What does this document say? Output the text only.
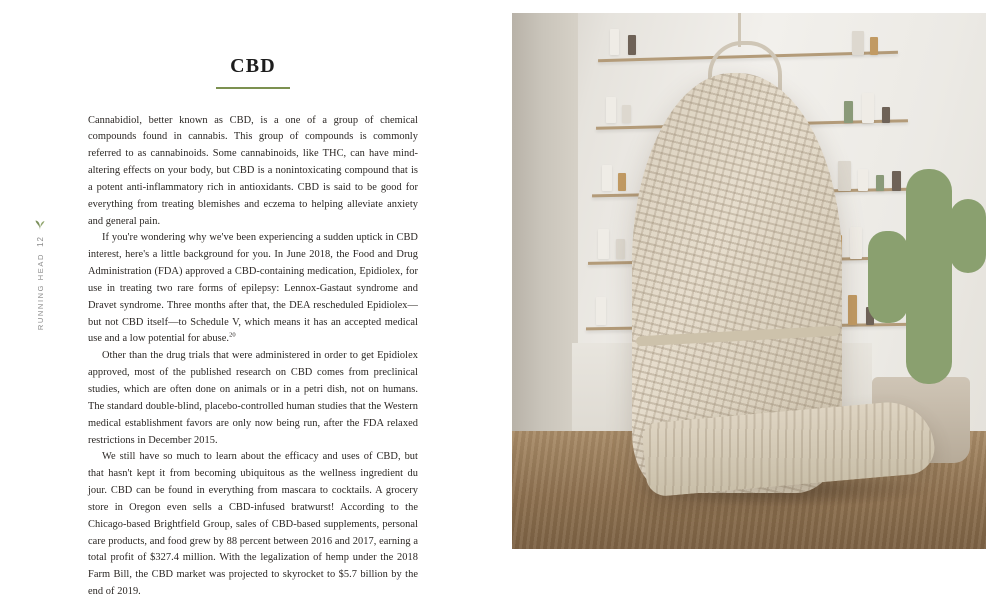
12
RUNNING HEAD
CBD

Cannabidiol, better known as CBD, is a one of a group of chemical compounds found in cannabis. This group of compounds is commonly referred to as cannabinoids. Some cannabinoids, like THC, can have mind-altering effects on your body, but CBD is a nonintoxicating compound that is a potent anti-inflammatory rich in antioxidants. CBD is said to be good for everything from treating blemishes and eczema to helping alleviate anxiety and general pain.

If you're wondering why we've been experiencing a sudden uptick in CBD interest, here's a little background for you. In June 2018, the Food and Drug Administration (FDA) approved a CBD-containing medication, Epidiolex, for use in treating two rare forms of epilepsy: Lennox-Gastaut syndrome and Dravet syndrome. Three months after that, the DEA rescheduled Epidiolex—but not CBD itself—to Schedule V, which means it has an accepted medical use and a low potential for abuse.$^{20}$

Other than the drug trials that were administered in order to get Epidiolex approved, most of the published research on CBD comes from preclinical studies, which are often done on animals or in a petri dish, not on humans. The standard double-blind, placebo-controlled human studies that the Western medical establishment favors are only now being run, after the FDA relaxed restrictions in December 2015.

We still have so much to learn about the efficacy and uses of CBD, but that hasn't kept it from becoming ubiquitous as the wellness ingredient du jour. CBD can be found in everything from mascara to cocktails. A grocery store in Oregon even sells a CBD-infused bratwurst! According to the Chicago-based Brightfield Group, sales of CBD-based supplements, personal care products, and food grew by 88 percent between 2016 and 2017, earning a total profit of $327.4 million. With the legalization of hemp under the 2018 Farm Bill, the CBD market was projected to skyrocket to $5.7 billion by the end of 2019.
